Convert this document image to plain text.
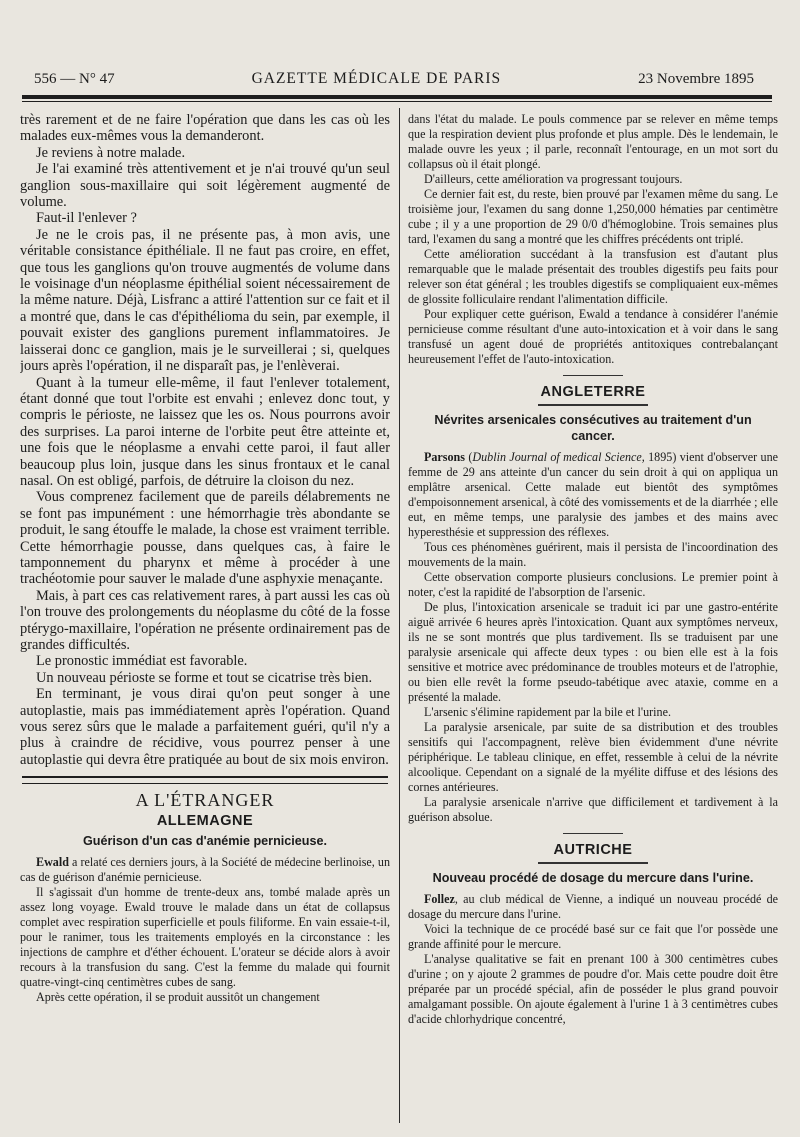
556 — N° 47	GAZETTE MÉDICALE DE PARIS	23 Novembre 1895

très rarement et de ne faire l'opération que dans les cas où les malades eux-mêmes vous la demanderont.

Je reviens à notre malade.

Je l'ai examiné très attentivement et je n'ai trouvé qu'un seul ganglion sous-maxillaire qui soit légèrement augmenté de volume.

Faut-il l'enlever ?

Je ne le crois pas, il ne présente pas, à mon avis, une véritable consistance épithéliale. Il ne faut pas croire, en effet, que tous les ganglions qu'on trouve augmentés de volume dans le voisinage d'un néoplasme épithélial soient nécessairement de la même nature. Déjà, Lisfranc a attiré l'attention sur ce fait et il a montré que, dans le cas d'épithélioma du sein, par exemple, il pouvait exister des ganglions purement inflammatoires. Je laisserai donc ce ganglion, mais je le surveillerai ; si, quelques jours après l'opération, il ne disparaît pas, je l'enlèverai.

Quant à la tumeur elle-même, il faut l'enlever totalement, étant donné que tout l'orbite est envahi ; enlevez donc tout, y compris le périoste, ne laissez que les os. Nous pourrons avoir des surprises. La paroi interne de l'orbite peut être atteinte et, une fois que le néoplasme a envahi cette paroi, il faut aller beaucoup plus loin, jusque dans les sinus frontaux et le canal nasal. On est obligé, parfois, de détruire la cloison du nez.

Vous comprenez facilement que de pareils délabrements ne se font pas impunément : une hémorrhagie très abondante se produit, le sang étouffe le malade, la chose est vraiment terrible. Cette hémorrhagie pousse, dans quelques cas, à faire le tamponnement du pharynx et même à procéder à une trachéotomie pour sauver le malade d'une asphyxie menaçante.

Mais, à part ces cas relativement rares, à part aussi les cas où l'on trouve des prolongements du néoplasme du côté de la fosse ptérygo-maxillaire, l'opération ne présente ordinairement pas de grandes difficultés.

Le pronostic immédiat est favorable.

Un nouveau périoste se forme et tout se cicatrise très bien.

En terminant, je vous dirai qu'on peut songer à une autoplastie, mais pas immédiatement après l'opération. Quand vous serez sûrs que le malade a parfaitement guéri, qu'il n'y a plus à craindre de récidive, vous pourrez penser à une autoplastie qui devra être pratiquée au bout de six mois environ.

A L'ÉTRANGER
ALLEMAGNE
Guérison d'un cas d'anémie pernicieuse.

Ewald a relaté ces derniers jours, à la Société de médecine berlinoise, un cas de guérison d'anémie pernicieuse.

Il s'agissait d'un homme de trente-deux ans, tombé malade après un assez long voyage. Ewald trouve le malade dans un état de collapsus complet avec respiration superficielle et pouls filiforme. En vain essaie-t-il, pour le ranimer, tous les traitements employés en la circonstance : les injections de camphre et d'éther échouent. L'orateur se décide alors à avoir recours à la transfusion du sang. C'est la femme du malade qui fournit quatre-vingt-cinq centimètres cubes de sang.

Après cette opération, il se produit aussitôt un changement

dans l'état du malade. Le pouls commence par se relever en même temps que la respiration devient plus profonde et plus ample. Dès le lendemain, le malade ouvre les yeux ; il parle, reconnaît l'entourage, en un mot sort du collapsus où il était plongé.

D'ailleurs, cette amélioration va progressant toujours.

Ce dernier fait est, du reste, bien prouvé par l'examen même du sang. Le troisième jour, l'examen du sang donne 1,250,000 hématies par centimètre cube ; il y a une proportion de 29 0/0 d'hémoglobine. Trois semaines plus tard, l'examen du sang a montré que les chiffres précédents ont triplé.

Cette amélioration succédant à la transfusion est d'autant plus remarquable que le malade présentait des troubles digestifs peu faits pour relever son état général ; les troubles digestifs se compliquaient eux-mêmes de glossite folliculaire rendant l'alimentation difficile.

Pour expliquer cette guérison, Ewald a tendance à considérer l'anémie pernicieuse comme résultant d'une auto-intoxication et à voir dans le sang transfusé un agent doué de propriétés antitoxiques contrebalançant heureusement l'effet de l'auto-intoxication.

ANGLETERRE
Névrites arsenicales consécutives au traitement d'un cancer.

Parsons (Dublin Journal of medical Science, 1895) vient d'observer une femme de 29 ans atteinte d'un cancer du sein droit à qui on appliqua un emplâtre arsenical. Cette malade eut bientôt des symptômes d'empoisonnement arsenical, à côté des vomissements et de la diarrhée ; elle eut, en même temps, une paralysie des jambes et des mains avec hyperesthésie et suppression des réflexes.

Tous ces phénomènes guérirent, mais il persista de l'incoordination des mouvements de la main.

Cette observation comporte plusieurs conclusions. Le premier point à noter, c'est la rapidité de l'absorption de l'arsenic.

De plus, l'intoxication arsenicale se traduit ici par une gastro-entérite aiguë arrivée 6 heures après l'intoxication. Quant aux symptômes nerveux, ils ne se sont montrés que plus tardivement. Ils se traduisent par une paralysie arsenicale qui affecte deux types : ou bien elle est à la fois sensitive et motrice avec prédominance de troubles moteurs et de l'atrophie, ou bien elle revêt la forme pseudo-tabétique avec ataxie, comme en a présenté la malade.

L'arsenic s'élimine rapidement par la bile et l'urine.

La paralysie arsenicale, par suite de sa distribution et des troubles sensitifs qui l'accompagnent, relève bien évidemment d'une névrite périphérique. Le tableau clinique, en effet, ressemble à celui de la névrite alcoolique. Cependant on a signalé de la myélite diffuse et des lésions des cornes antérieures.

La paralysie arsenicale n'arrive que difficilement et tardivement à la guérison absolue.

AUTRICHE
Nouveau procédé de dosage du mercure dans l'urine.

Follez, au club médical de Vienne, a indiqué un nouveau procédé de dosage du mercure dans l'urine.

Voici la technique de ce procédé basé sur ce fait que l'or possède une grande affinité pour le mercure.

L'analyse qualitative se fait en prenant 100 à 300 centimètres cubes d'urine ; on y ajoute 2 grammes de poudre d'or. Mais cette poudre doit être préparée par un procédé spécial, afin de posséder le plus grand pouvoir amalgamant possible. On ajoute également à l'urine 1 à 3 centimètres cubes d'acide chlorhydrique concentré,
